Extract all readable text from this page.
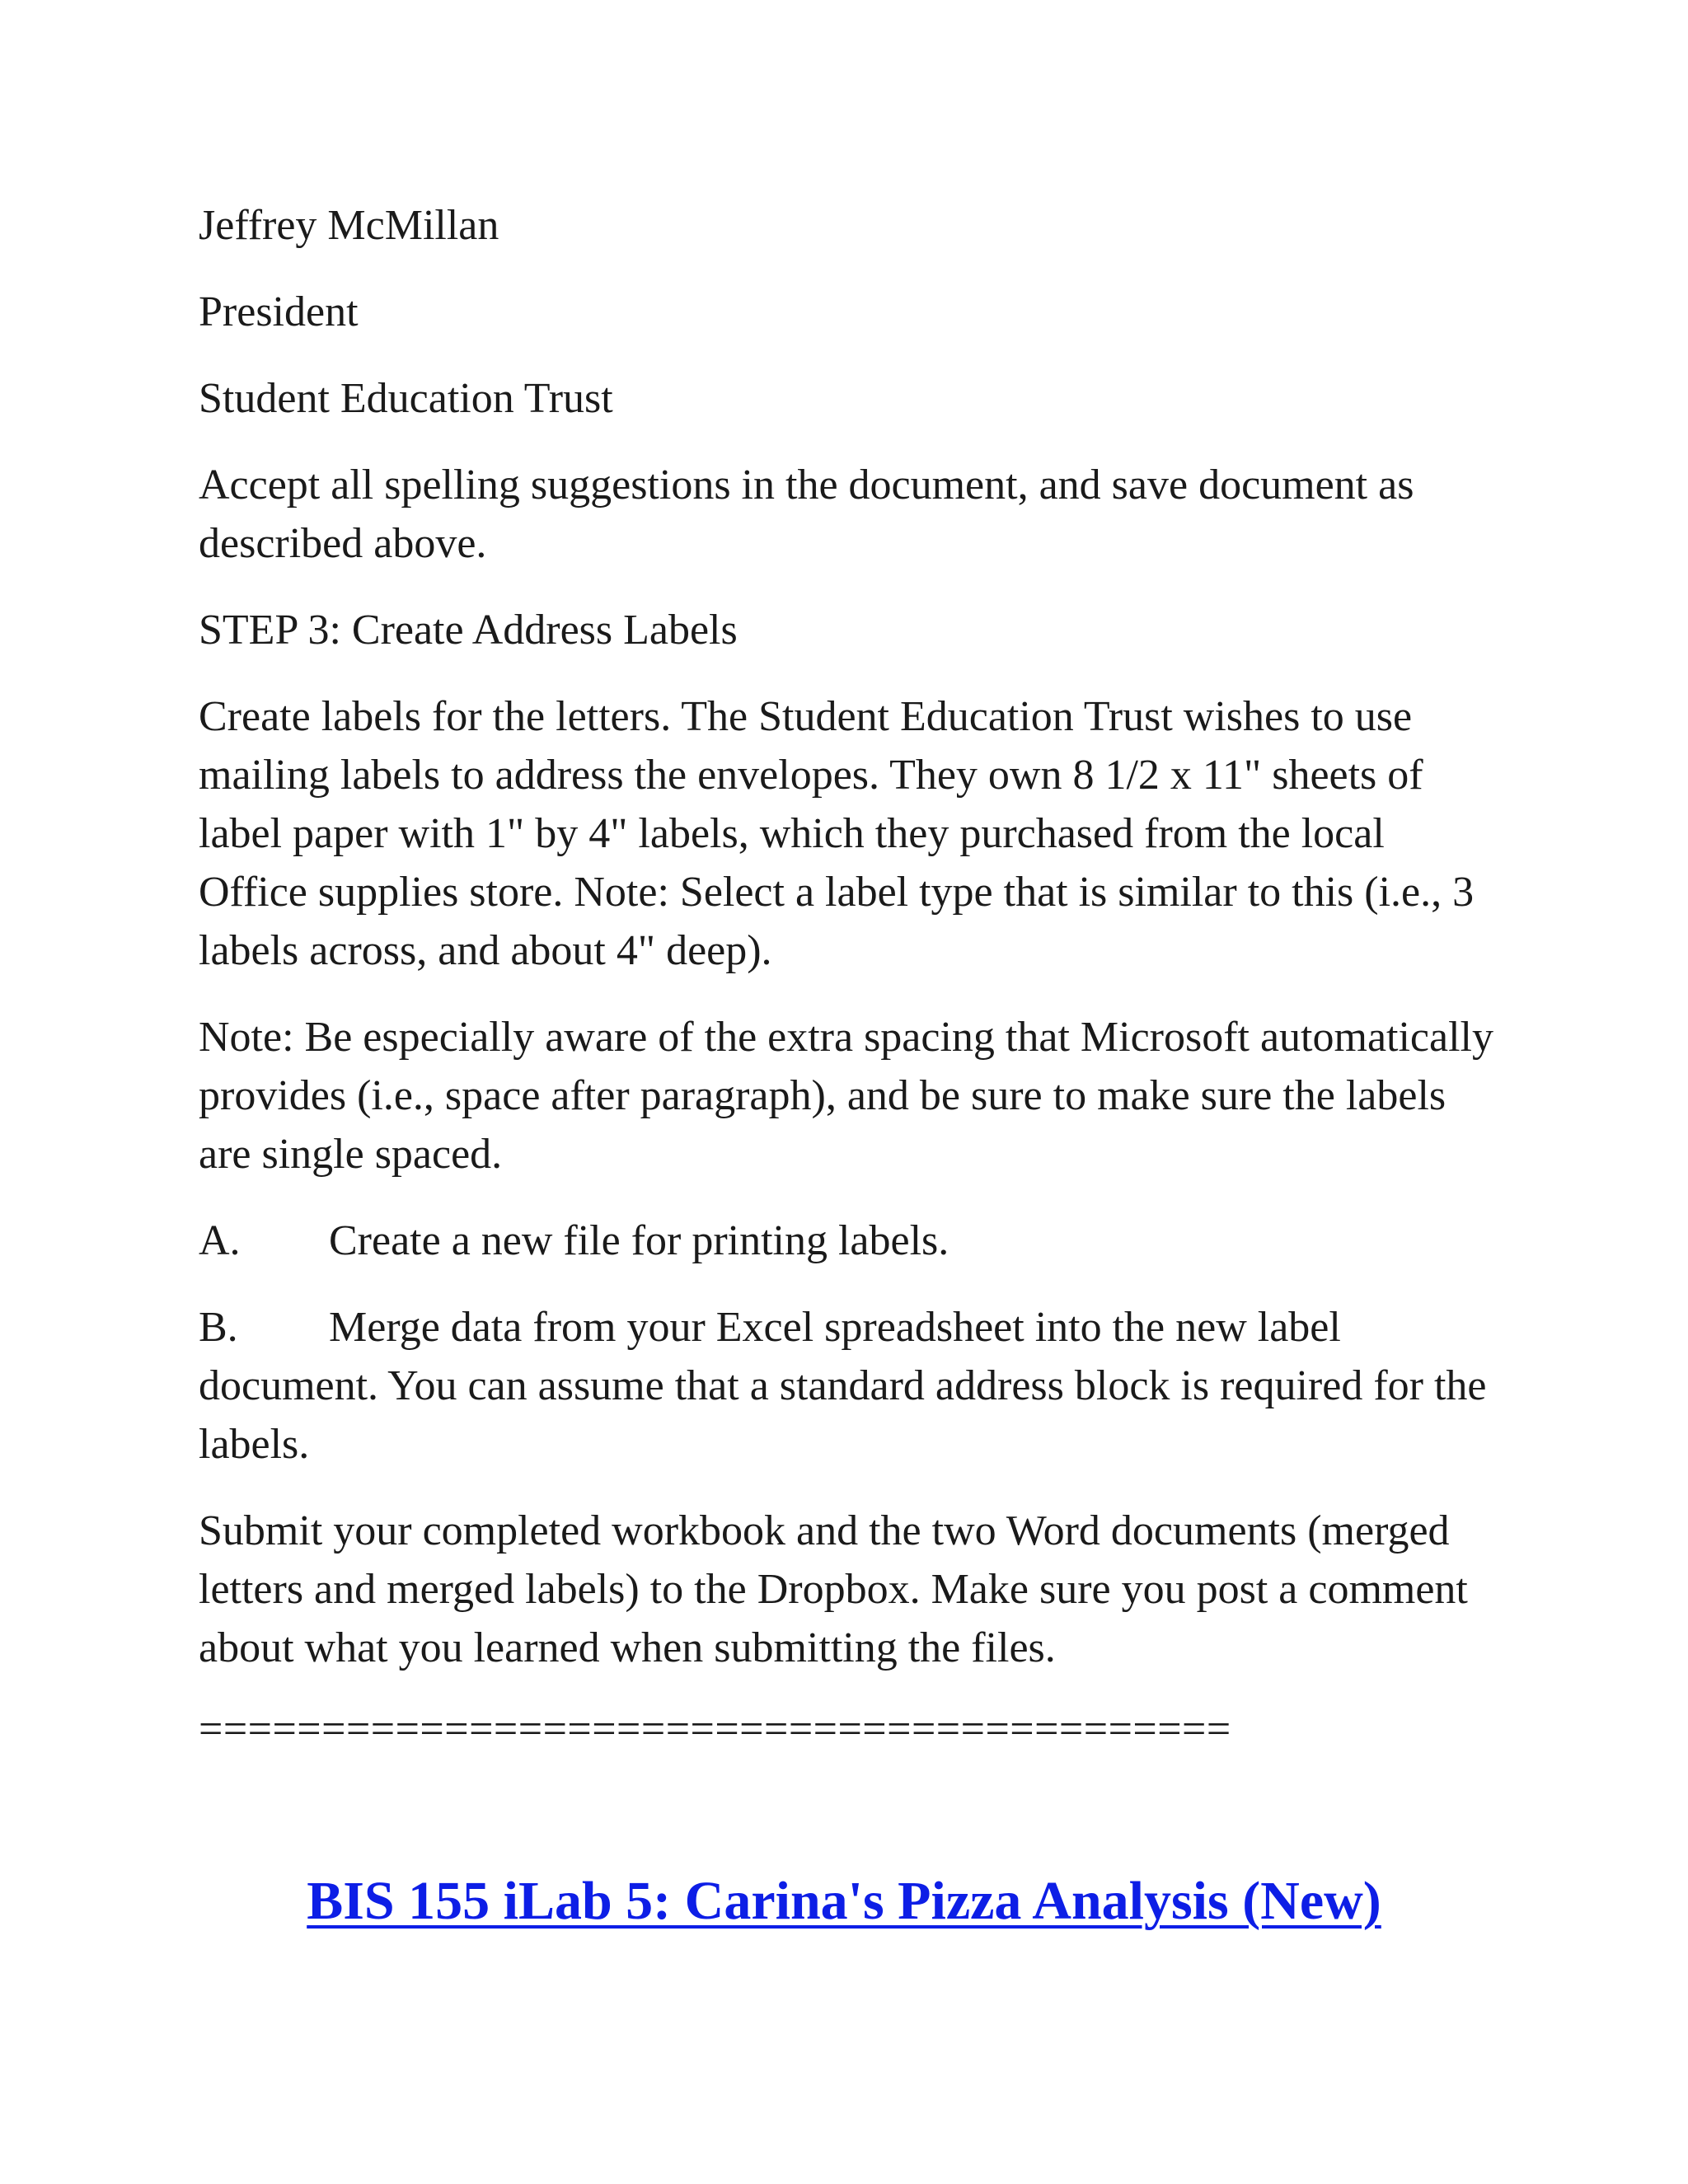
Jeffrey McMillan

President

Student Education Trust

Accept all spelling suggestions in the document, and save document as described above.

STEP 3: Create Address Labels

Create labels for the letters. The Student Education Trust wishes to use mailing labels to address the envelopes. They own 8 1/2 x 11" sheets of label paper with 1" by 4" labels, which they purchased from the local Office supplies store. Note: Select a label type that is similar to this (i.e., 3 labels across, and about 4" deep).

Note: Be especially aware of the extra spacing that Microsoft automatically provides (i.e., space after paragraph), and be sure to make sure the labels are single spaced.

A. Create a new file for printing labels.

B. Merge data from your Excel spreadsheet into the new label document. You can assume that a standard address block is required for the labels.

Submit your completed workbook and the two Word documents (merged letters and merged labels) to the Dropbox. Make sure you post a comment about what you learned when submitting the files.

==========================================

BIS 155 iLab 5: Carina's Pizza Analysis (New)
